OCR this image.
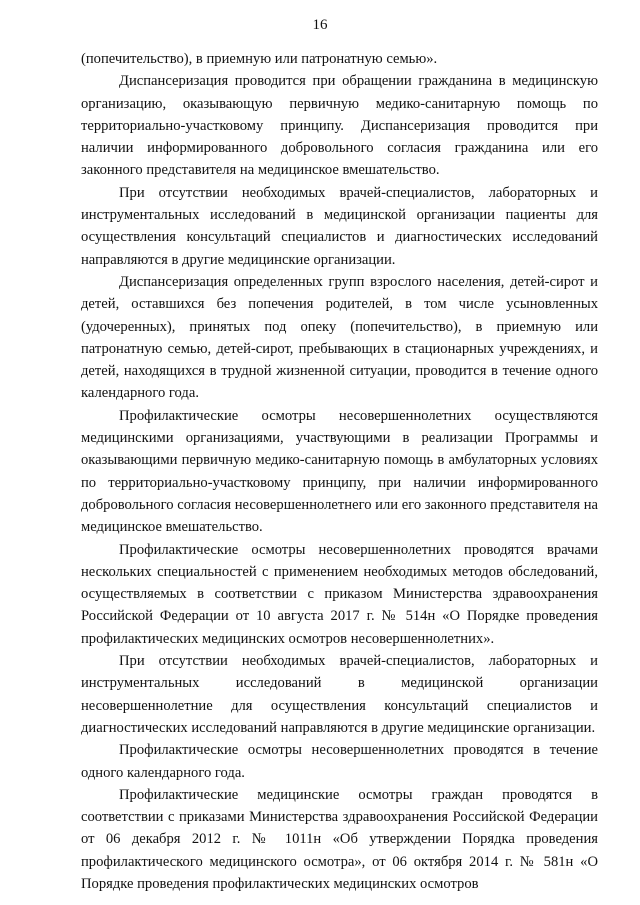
16

(попечительство), в приемную или патронатную семью».

Диспансеризация проводится при обращении гражданина в медицинскую организацию, оказывающую первичную медико-санитарную помощь по территориально-участковому принципу. Диспансеризация проводится при наличии информированного добровольного согласия гражданина или его законного представителя на медицинское вмешательство.

При отсутствии необходимых врачей-специалистов, лабораторных и инструментальных исследований в медицинской организации пациенты для осуществления консультаций специалистов и диагностических исследований направляются в другие медицинские организации.

Диспансеризация определенных групп взрослого населения, детей-сирот и детей, оставшихся без попечения родителей, в том числе усыновленных (удочеренных), принятых под опеку (попечительство), в приемную или патронатную семью, детей-сирот, пребывающих в стационарных учреждениях, и детей, находящихся в трудной жизненной ситуации, проводится в течение одного календарного года.

Профилактические осмотры несовершеннолетних осуществляются медицинскими организациями, участвующими в реализации Программы и оказывающими первичную медико-санитарную помощь в амбулаторных условиях по территориально-участковому принципу, при наличии информированного добровольного согласия несовершеннолетнего или его законного представителя на медицинское вмешательство.

Профилактические осмотры несовершеннолетних проводятся врачами нескольких специальностей с применением необходимых методов обследований, осуществляемых в соответствии с приказом Министерства здравоохранения Российской Федерации от 10 августа 2017 г. № 514н «О Порядке проведения профилактических медицинских осмотров несовершеннолетних».

При отсутствии необходимых врачей-специалистов, лабораторных и инструментальных исследований в медицинской организации несовершеннолетние для осуществления консультаций специалистов и диагностических исследований направляются в другие медицинские организации.

Профилактические осмотры несовершеннолетних проводятся в течение одного календарного года.

Профилактические медицинские осмотры граждан проводятся в соответствии с приказами Министерства здравоохранения Российской Федерации от 06 декабря 2012 г. № 1011н «Об утверждении Порядка проведения профилактического медицинского осмотра», от 06 октября 2014 г. № 581н «О Порядке проведения профилактических медицинских осмотров
